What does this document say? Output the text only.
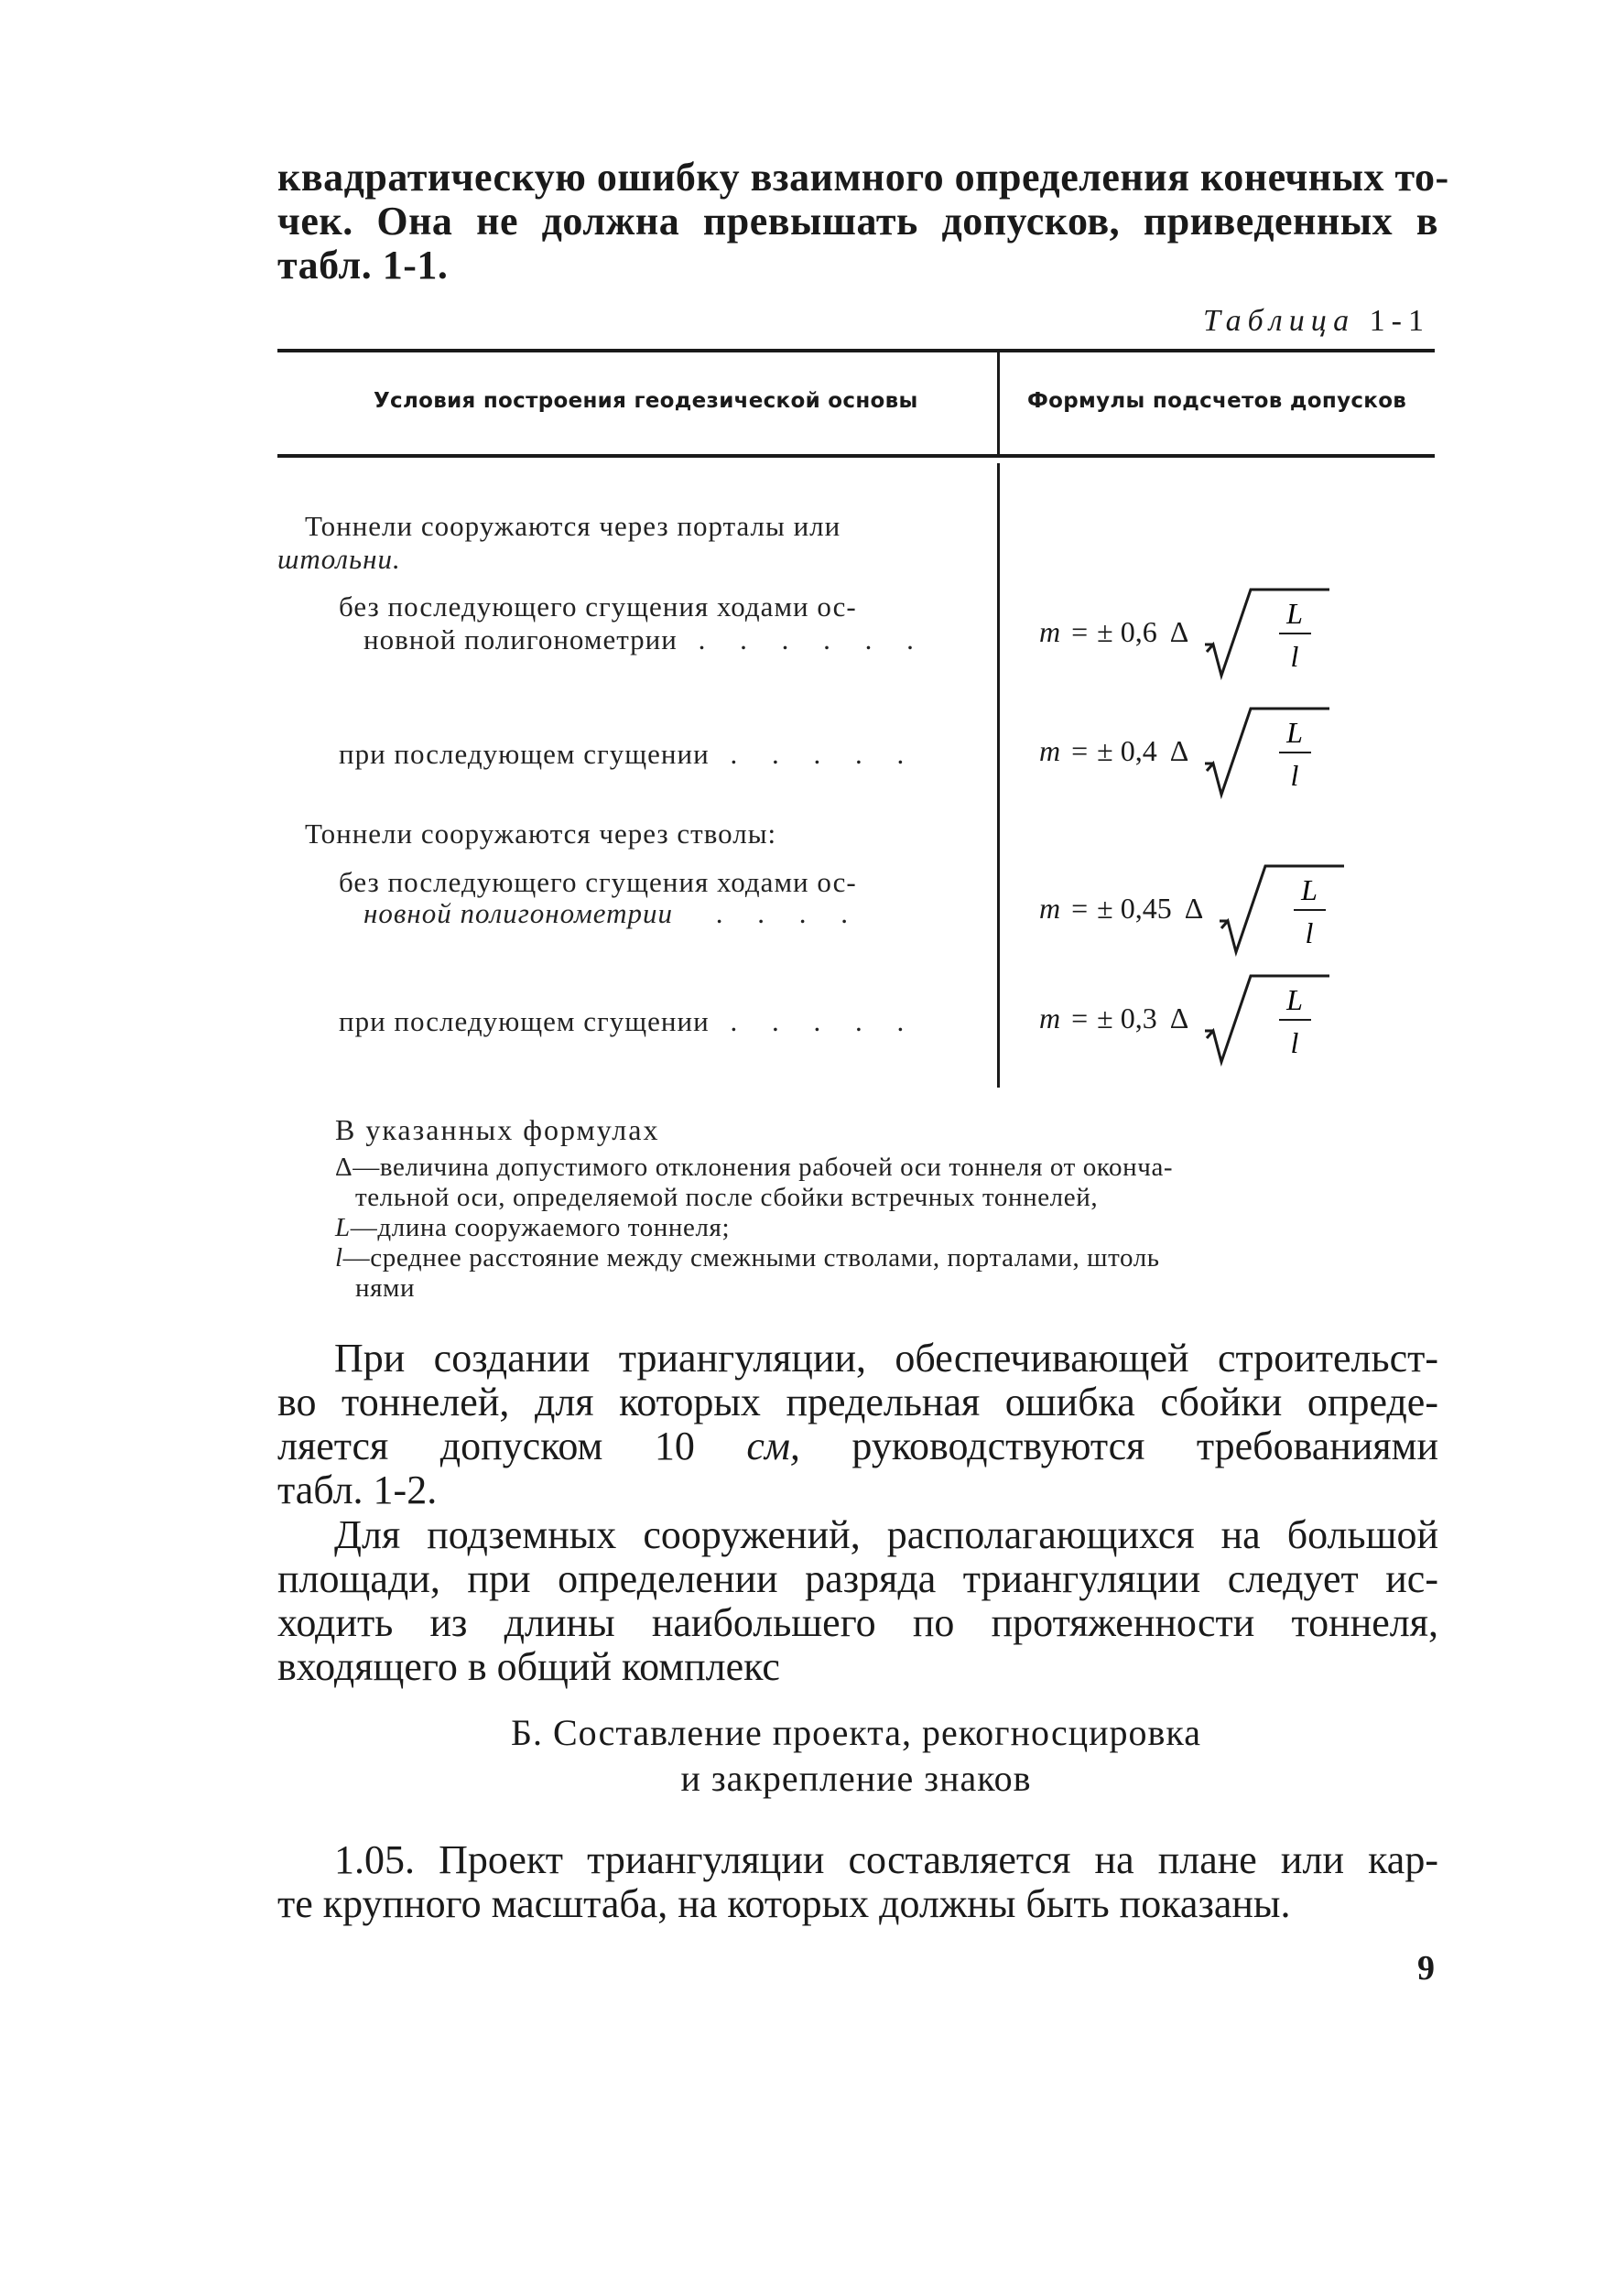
квадратическую ошибку взаимного определения конечных то-
чек. Она не должна превышать допусков, приведенных в
табл. 1-1.
Таблица 1-1
Условия построения геодезической основы	Формулы подсчетов допусков
Тоннели сооружаются через порталы или
штольни.
без последующего сгущения ходами ос-
новной полигонометрии . . . . . .
при последующем сгущении . . . . .
Тоннели сооружаются через стволы:
без последующего сгущения ходами ос-
новной полигонометрии . . . .
при последующем сгущении . . . . .
m = ± 0,6 Δ
L
l
m = ± 0,4 Δ
L
l
m = ± 0,45 Δ
L
l
m = ± 0,3 Δ
L
l
В указанных формулах
Δ—величина допустимого отклонения рабочей оси тоннеля от оконча-
тельной оси, определяемой после сбойки встречных тоннелей,
L—длина сооружаемого тоннеля;
l—среднее расстояние между смежными стволами, порталами, штоль
нями
При создании триангуляции, обеспечивающей строительст-
во тоннелей, для которых предельная ошибка сбойки опреде-
ляется допуском 10 см, руководствуются требованиями
табл. 1-2.
Для подземных сооружений, располагающихся на большой
площади, при определении разряда триангуляции следует ис-
ходить из длины наибольшего по протяженности тоннеля,
входящего в общий комплекс
Б. Составление проекта, рекогносцировка
и закрепление знаков
1.05. Проект триангуляции составляется на плане или кар-
те крупного масштаба, на которых должны быть показаны.
9
